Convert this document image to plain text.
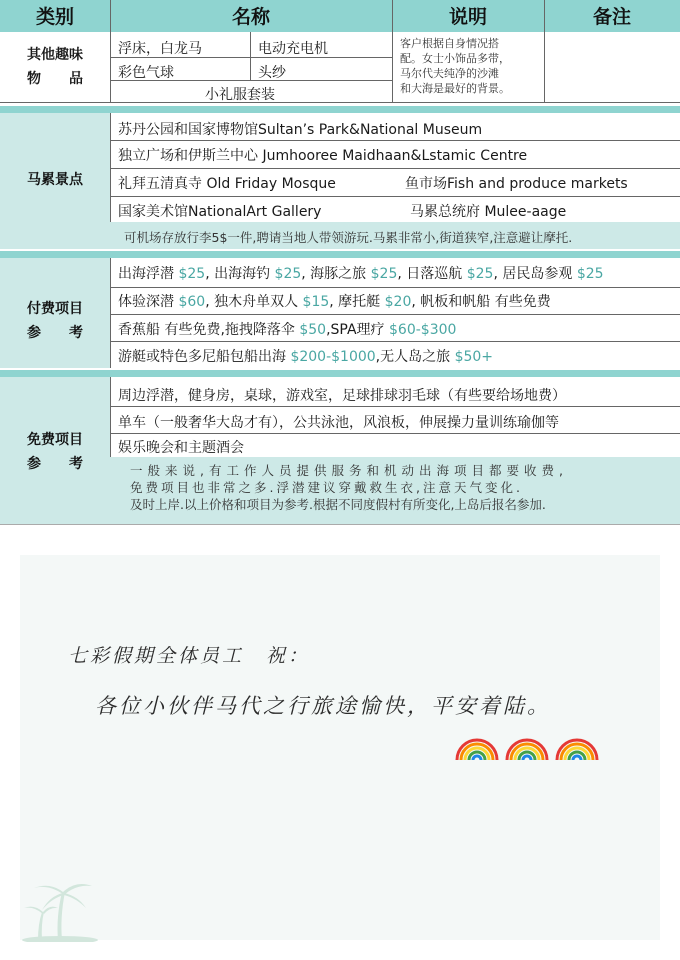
类别	名称	说明	备注
其他趣味
物　　品
浮床，白龙马	电动充电机
彩色气球	头纱
小礼服套装
客户根据自身情况搭
配。女士小饰品多带，
马尔代夫纯净的沙滩
和大海是最好的背景。
马累景点
苏丹公园和国家博物馆Sultan’s Park&National Museum
独立广场和伊斯兰中心 Jumhooree Maidhaan&Lstamic Centre
礼拜五清真寺 Old Friday Mosque	鱼市场Fish and produce markets
国家美术馆NationalArt Gallery	马累总统府 Mulee-aage
可机场存放行李5$一件,聘请当地人带领游玩.马累非常小,街道狭窄,注意避让摩托.
付费项目
参　　考
出海浮潜 $25, 出海海钓 $25, 海豚之旅 $25, 日落巡航 $25, 居民岛参观 $25
体验深潜 $60, 独木舟单双人 $15, 摩托艇 $20, 帆板和帆船 有些免费
香蕉船 有些免费,拖拽降落伞 $50,SPA理疗 $60-$300
游艇或特色多尼船包船出海 $200-$1000,无人岛之旅 $50+
免费项目
参　　考
周边浮潜，健身房，桌球，游戏室，足球排球羽毛球（有些要给场地费）
单车（一般奢华大岛才有），公共泳池，风浪板，伸展操力量训练瑜伽等
娱乐晚会和主题酒会
一般来说,有工作人员提供服务和机动出海项目都要收费,
免费项目也非常之多.浮潜建议穿戴救生衣,注意天气变化.
及时上岸.以上价格和项目为参考.根据不同度假村有所变化,上岛后报名参加.
七彩假期全体员工　祝：
各位小伙伴马代之行旅途愉快，平安着陆。
